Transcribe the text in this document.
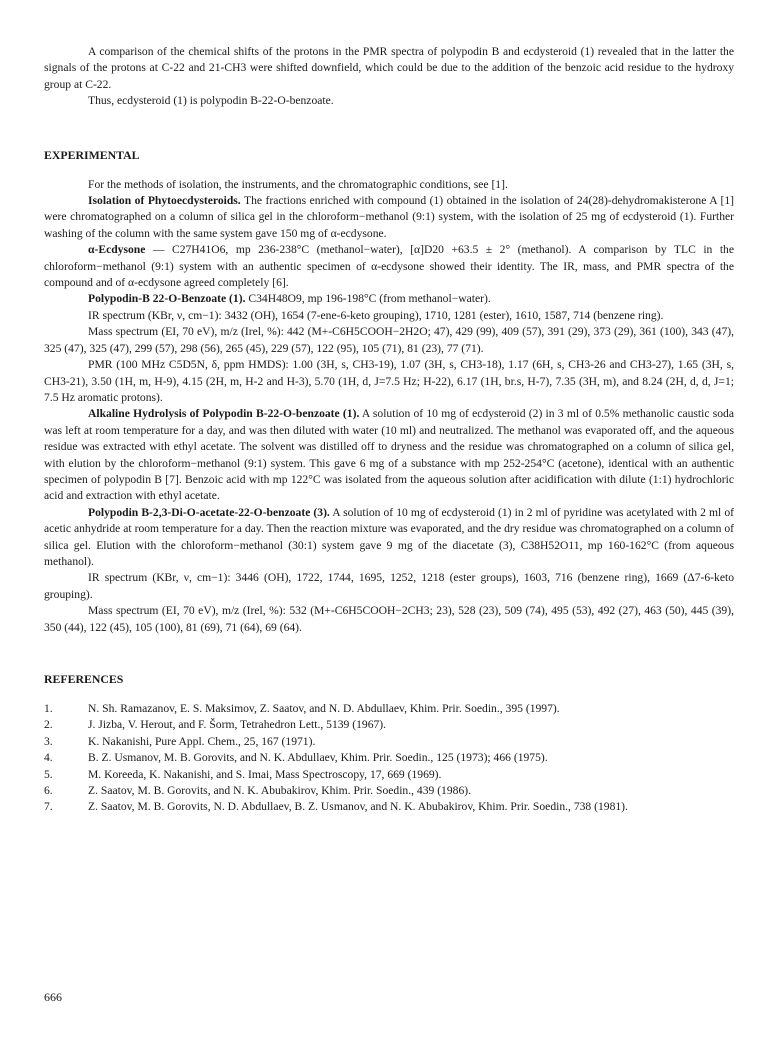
A comparison of the chemical shifts of the protons in the PMR spectra of polypodin B and ecdysteroid (1) revealed that in the latter the signals of the protons at C-22 and 21-CH3 were shifted downfield, which could be due to the addition of the benzoic acid residue to the hydroxy group at C-22.

Thus, ecdysteroid (1) is polypodin B-22-O-benzoate.

EXPERIMENTAL

For the methods of isolation, the instruments, and the chromatographic conditions, see [1].

Isolation of Phytoecdysteroids. The fractions enriched with compound (1) obtained in the isolation of 24(28)-dehydromakisterone A [1] were chromatographed on a column of silica gel in the chloroform−methanol (9:1) system, with the isolation of 25 mg of ecdysteroid (1). Further washing of the column with the same system gave 150 mg of α-ecdysone.

α-Ecdysone — C27H41O6, mp 236-238°C (methanol−water), [α]D20 +63.5 ± 2° (methanol). A comparison by TLC in the chloroform−methanol (9:1) system with an authentic specimen of α-ecdysone showed their identity. The IR, mass, and PMR spectra of the compound and of α-ecdysone agreed completely [6].

Polypodin-B 22-O-Benzoate (1). C34H48O9, mp 196-198°C (from methanol−water).

IR spectrum (KBr, ν, cm−1): 3432 (OH), 1654 (7-ene-6-keto grouping), 1710, 1281 (ester), 1610, 1587, 714 (benzene ring).

Mass spectrum (EI, 70 eV), m/z (Irel, %): 442 (M+-C6H5COOH−2H2O; 47), 429 (99), 409 (57), 391 (29), 373 (29), 361 (100), 343 (47), 325 (47), 325 (47), 299 (57), 298 (56), 265 (45), 229 (57), 122 (95), 105 (71), 81 (23), 77 (71).

PMR (100 MHz C5D5N, δ, ppm HMDS): 1.00 (3H, s, CH3-19), 1.07 (3H, s, CH3-18), 1.17 (6H, s, CH3-26 and CH3-27), 1.65 (3H, s, CH3-21), 3.50 (1H, m, H-9), 4.15 (2H, m, H-2 and H-3), 5.70 (1H, d, J=7.5 Hz; H-22), 6.17 (1H, br.s, H-7), 7.35 (3H, m), and 8.24 (2H, d, d, J=1; 7.5 Hz aromatic protons).

Alkaline Hydrolysis of Polypodin B-22-O-benzoate (1). A solution of 10 mg of ecdysteroid (2) in 3 ml of 0.5% methanolic caustic soda was left at room temperature for a day, and was then diluted with water (10 ml) and neutralized. The methanol was evaporated off, and the aqueous residue was extracted with ethyl acetate. The solvent was distilled off to dryness and the residue was chromatographed on a column of silica gel, with elution by the chloroform−methanol (9:1) system. This gave 6 mg of a substance with mp 252-254°C (acetone), identical with an authentic specimen of polypodin B [7]. Benzoic acid with mp 122°C was isolated from the aqueous solution after acidification with dilute (1:1) hydrochloric acid and extraction with ethyl acetate.

Polypodin B-2,3-Di-O-acetate-22-O-benzoate (3). A solution of 10 mg of ecdysteroid (1) in 2 ml of pyridine was acetylated with 2 ml of acetic anhydride at room temperature for a day. Then the reaction mixture was evaporated, and the dry residue was chromatographed on a column of silica gel. Elution with the chloroform−methanol (30:1) system gave 9 mg of the diacetate (3), C38H52O11, mp 160-162°C (from aqueous methanol).

IR spectrum (KBr, ν, cm−1): 3446 (OH), 1722, 1744, 1695, 1252, 1218 (ester groups), 1603, 716 (benzene ring), 1669 (Δ7-6-keto grouping).

Mass spectrum (EI, 70 eV), m/z (Irel, %): 532 (M+-C6H5COOH−2CH3; 23), 528 (23), 509 (74), 495 (53), 492 (27), 463 (50), 445 (39), 350 (44), 122 (45), 105 (100), 81 (69), 71 (64), 69 (64).

REFERENCES
1.	N. Sh. Ramazanov, E. S. Maksimov, Z. Saatov, and N. D. Abdullaev, Khim. Prir. Soedin., 395 (1997).
2.	J. Jizba, V. Herout, and F. Šorm, Tetrahedron Lett., 5139 (1967).
3.	K. Nakanishi, Pure Appl. Chem., 25, 167 (1971).
4.	B. Z. Usmanov, M. B. Gorovits, and N. K. Abdullaev, Khim. Prir. Soedin., 125 (1973); 466 (1975).
5.	M. Koreeda, K. Nakanishi, and S. Imai, Mass Spectroscopy, 17, 669 (1969).
6.	Z. Saatov, M. B. Gorovits, and N. K. Abubakirov, Khim. Prir. Soedin., 439 (1986).
7.	Z. Saatov, M. B. Gorovits, N. D. Abdullaev, B. Z. Usmanov, and N. K. Abubakirov, Khim. Prir. Soedin., 738 (1981).
666
